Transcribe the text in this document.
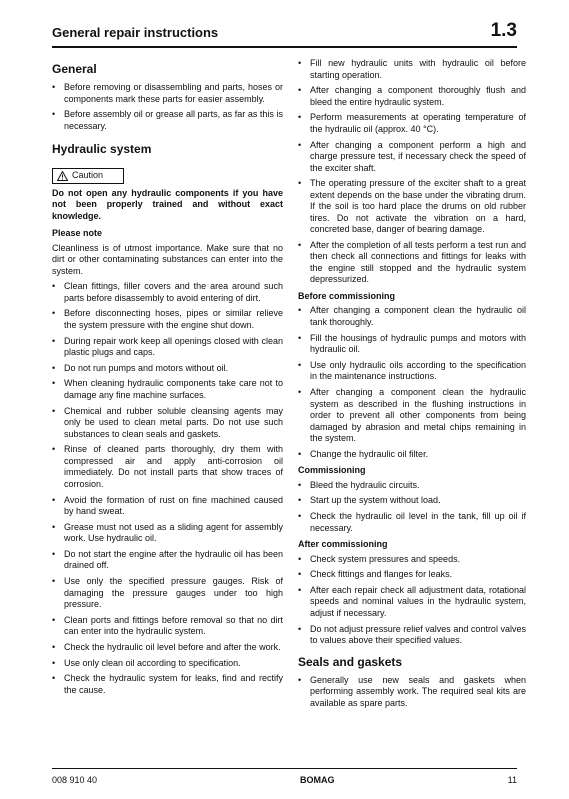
General repair instructions	1.3
General
• Before removing or disassembling and parts, hoses or components mark these parts for easier assembly.
• Before assembly oil or grease all parts, as far as this is necessary.
Hydraulic system
Caution

Do not open any hydraulic components if you have not been properly trained and without exact knowledge.

Please note

Cleanliness is of utmost importance. Make sure that no dirt or other contaminating substances can enter into the system.

• Clean fittings, filler covers and the area around such parts before disassembly to avoid entering of dirt.
• Before disconnecting hoses, pipes or similar relieve the system pressure with the engine shut down.
• During repair work keep all openings closed with clean plastic plugs and caps.
• Do not run pumps and motors without oil.
• When cleaning hydraulic components take care not to damage any fine machine surfaces.
• Chemical and rubber soluble cleansing agents may only be used to clean metal parts. Do not use such substances to clean seals and gaskets.
• Rinse of cleaned parts thoroughly, dry them with compressed air and apply anti-corrosion oil immediately. Do not install parts that show traces of corrosion.
• Avoid the formation of rust on fine machined caused by hand sweat.
• Grease must not used as a sliding agent for assembly work. Use hydraulic oil.
• Do not start the engine after the hydraulic oil has been drained off.
• Use only the specified pressure gauges. Risk of damaging the pressure gauges under too high pressure.
• Clean ports and fittings before removal so that no dirt can enter into the hydraulic system.
• Check the hydraulic oil level before and after the work.
• Use only clean oil according to specification.
• Check the hydraulic system for leaks, find and rectify the cause.
• Fill new hydraulic units with hydraulic oil before starting operation.
• After changing a component thoroughly flush and bleed the entire hydraulic system.
• Perform measurements at operating temperature of the hydraulic oil (approx. 40 °C).
• After changing a component perform a high and charge pressure test, if necessary check the speed of the exciter shaft.
• The operating pressure of the exciter shaft to a great extent depends on the base under the vibrating drum. If the soil is too hard place the drums on old rubber tires. Do not activate the vibration on a hard, concreted base, danger of bearing damage.
• After the completion of all tests perform a test run and then check all connections and fittings for leaks with the engine still stopped and the hydraulic system depressurized.
Before commissioning
• After changing a component clean the hydraulic oil tank thoroughly.
• Fill the housings of hydraulic pumps and motors with hydraulic oil.
• Use only hydraulic oils according to the specification in the maintenance instructions.
• After changing a component clean the hydraulic system as described in the flushing instructions in order to prevent all other components from being damaged by abrasion and metal chips remaining in the system.
• Change the hydraulic oil filter.
Commissioning
• Bleed the hydraulic circuits.
• Start up the system without load.
• Check the hydraulic oil level in the tank, fill up oil if necessary.
After commissioning
• Check system pressures and speeds.
• Check fittings and flanges for leaks.
• After each repair check all adjustment data, rotational speeds and nominal values in the hydraulic system, adjust if necessary.
• Do not adjust pressure relief valves and control valves to values above their specified values.
Seals and gaskets
• Generally use new seals and gaskets when performing assembly work. The required seal kits are available as spare parts.
008 910 40	BOMAG	11
